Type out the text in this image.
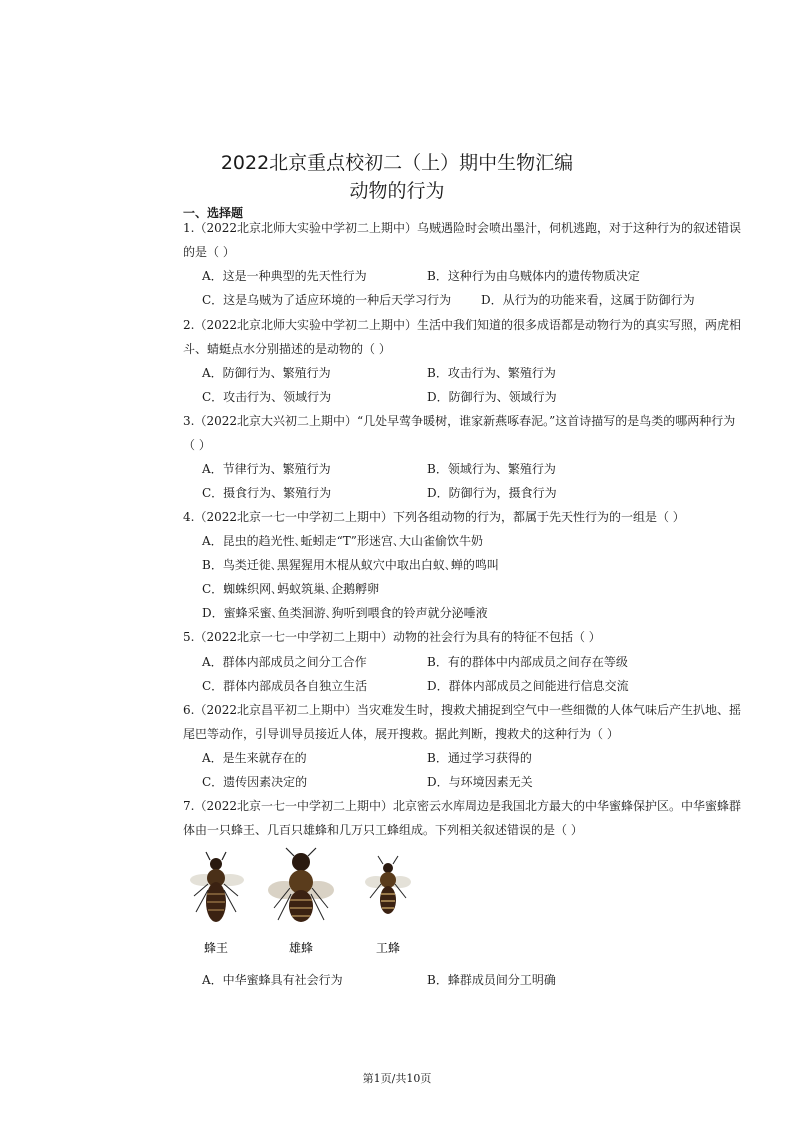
2022北京重点校初二（上）期中生物汇编
动物的行为
一、选择题
1.（2022北京北师大实验中学初二上期中）乌贼遇险时会喷出墨汁，伺机逃跑，对于这种行为的叙述错误
的是（ ）
A．这是一种典型的先天性行为	B．这种行为由乌贼体内的遗传物质决定
C．这是乌贼为了适应环境的一种后天学习行为 D．从行为的功能来看，这属于防御行为
2.（2022北京北师大实验中学初二上期中）生活中我们知道的很多成语都是动物行为的真实写照，两虎相
斗、蜻蜓点水分别描述的是动物的（ ）
A．防御行为、繁殖行为	B．攻击行为、繁殖行为
C．攻击行为、领域行为	D．防御行为、领域行为
3.（2022北京大兴初二上期中）“几处早莺争暖树，谁家新燕啄春泥。”这首诗描写的是鸟类的哪两种行为
（ ）
A．节律行为、繁殖行为	B．领域行为、繁殖行为
C．摄食行为、繁殖行为	D．防御行为，摄食行为
4.（2022北京一七一中学初二上期中）下列各组动物的行为，都属于先天性行为的一组是（ ）
A．昆虫的趋光性､蚯蚓走“T”形迷宫､大山雀偷饮牛奶
B．鸟类迁徙､黑猩猩用木棍从蚁穴中取出白蚁､蝉的鸣叫
C．蜘蛛织网､蚂蚁筑巢､企鹅孵卵
D．蜜蜂采蜜､鱼类洄游､狗听到喂食的铃声就分泌唾液
5.（2022北京一七一中学初二上期中）动物的社会行为具有的特征不包括（ ）
A．群体内部成员之间分工合作	B．有的群体中内部成员之间存在等级
C．群体内部成员各自独立生活	D．群体内部成员之间能进行信息交流
6.（2022北京昌平初二上期中）当灾难发生时，搜救犬捕捉到空气中一些细微的人体气味后产生扒地、摇
尾巴等动作，引导训导员接近人体，展开搜救。据此判断，搜救犬的这种行为（ ）
A．是生来就存在的	B．通过学习获得的
C．遗传因素决定的	D．与环境因素无关
7.（2022北京一七一中学初二上期中）北京密云水库周边是我国北方最大的中华蜜蜂保护区。中华蜜蜂群
体由一只蜂王、几百只雄蜂和几万只工蜂组成。下列相关叙述错误的是（ ）
蜂王	雄蜂	工蜂
A．中华蜜蜂具有社会行为	B．蜂群成员间分工明确
第1页/共10页
